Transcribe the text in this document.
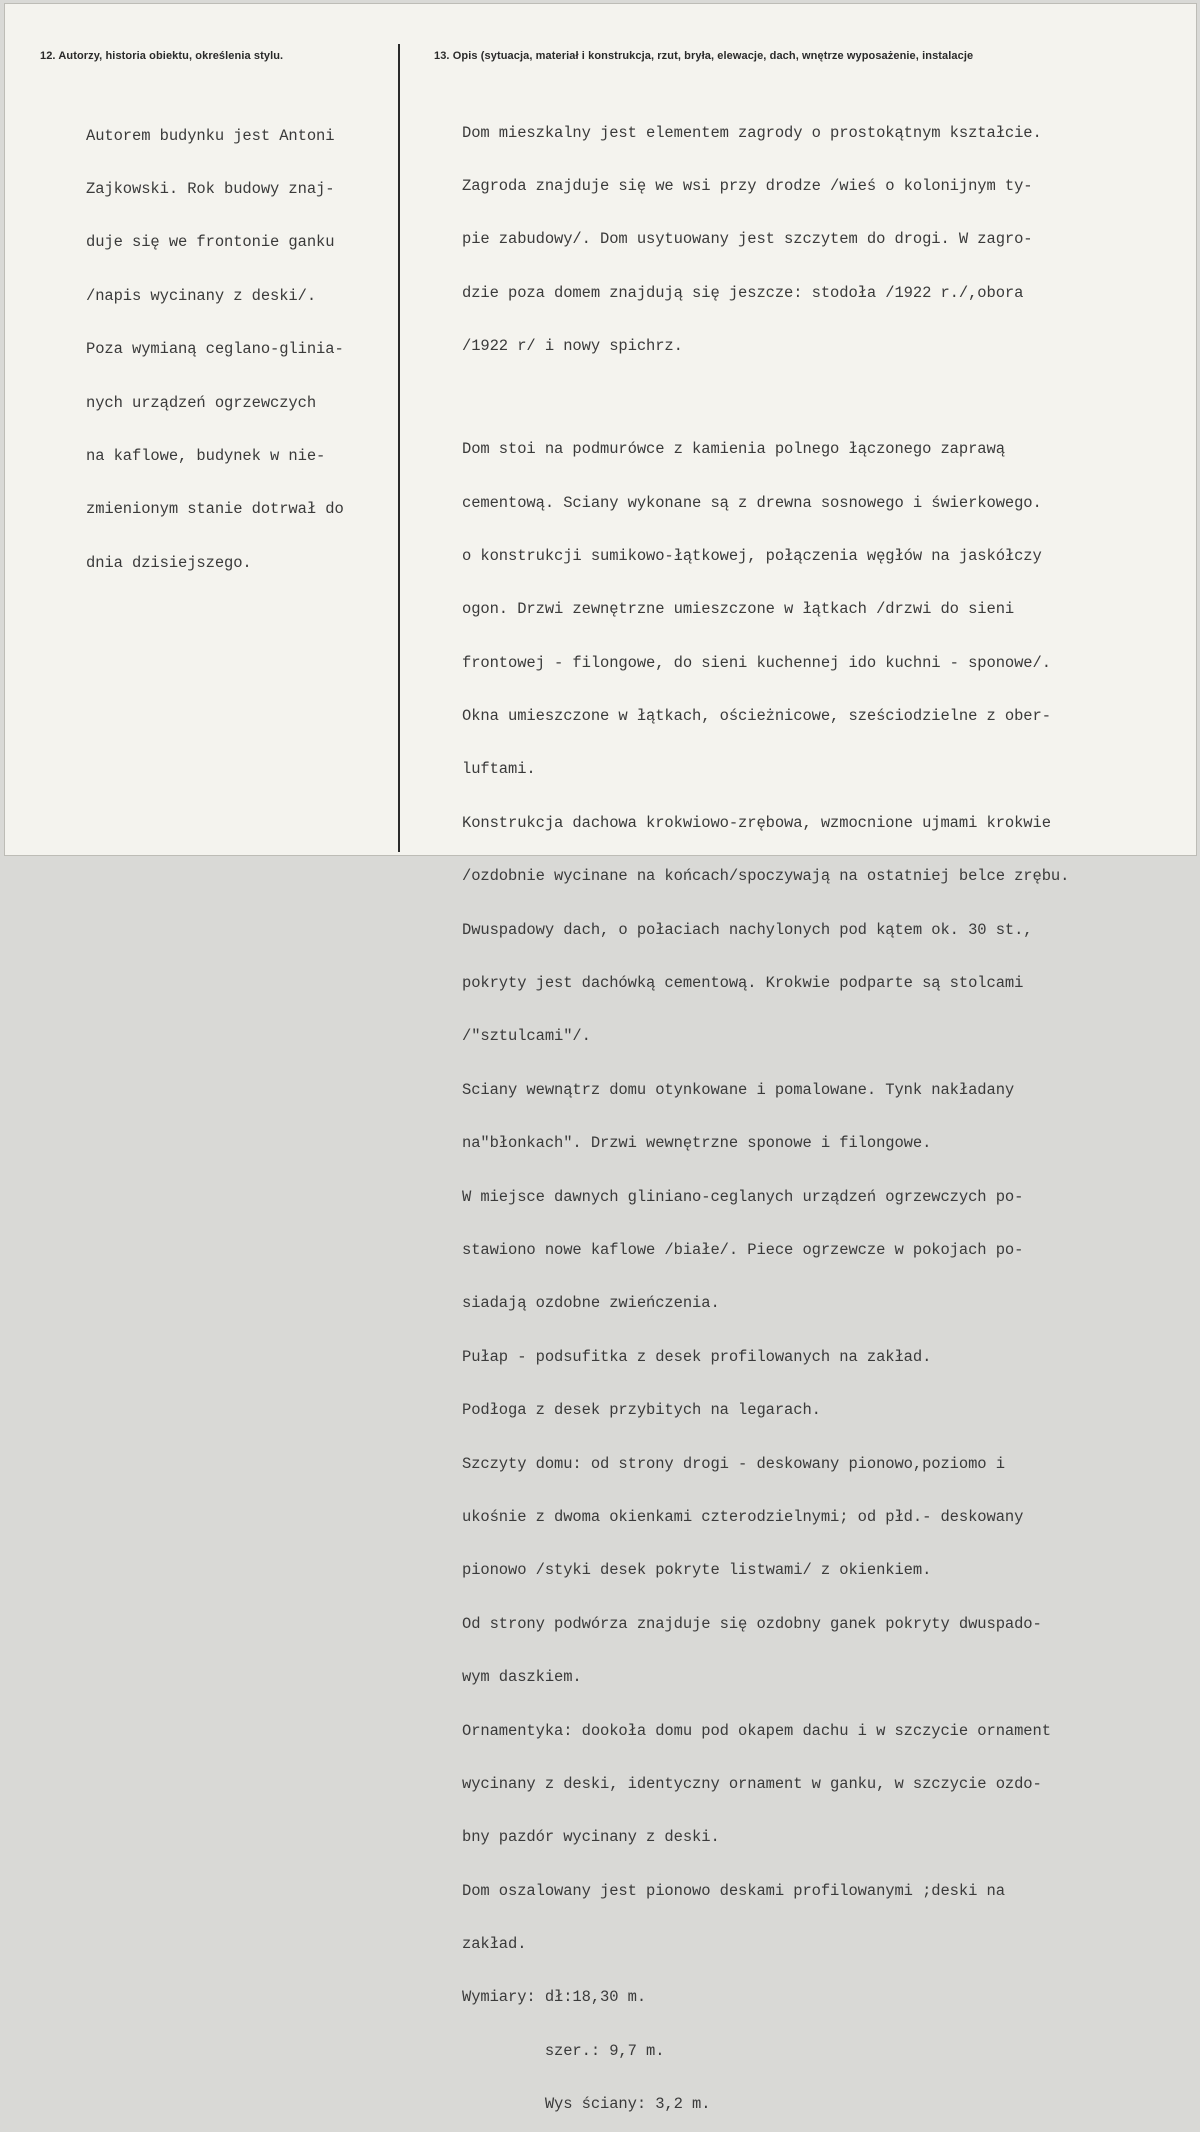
12. Autorzy, historia obiektu, określenia stylu.	13. Opis (sytuacja, materiał i konstrukcja, rzut, bryła, elewacje, dach, wnętrze wyposażenie, instalacje

Autorem budynku jest Antoni

Zajkowski. Rok budowy znaj-

duje się we frontonie ganku

/napis wycinany z deski/.

Poza wymianą ceglano-glinia-

nych urządzeń ogrzewczych

na kaflowe, budynek w nie-

zmienionym stanie dotrwał do

dnia dzisiejszego.

Dom mieszkalny jest elementem zagrody o prostokątnym kształcie.

Zagroda znajduje się we wsi przy drodze /wieś o kolonijnym ty-

pie zabudowy/. Dom usytuowany jest szczytem do drogi. W zagro-

dzie poza domem znajdują się jeszcze: stodoła /1922 r./,obora

/1922 r/ i nowy spichrz.

Dom stoi na podmurówce z kamienia polnego łączonego zaprawą

cementową. Sciany wykonane są z drewna sosnowego i świerkowego.

o konstrukcji sumikowo-łątkowej, połączenia węgłów na jaskółczy

ogon. Drzwi zewnętrzne umieszczone w łątkach /drzwi do sieni

frontowej - filongowe, do sieni kuchennej ido kuchni - sponowe/.

Okna umieszczone w łątkach, ościeżnicowe, sześciodzielne z ober-

luftami.

Konstrukcja dachowa krokwiowo-zrębowa, wzmocnione ujmami krokwie

/ozdobnie wycinane na końcach/spoczywają na ostatniej belce zrębu.

Dwuspadowy dach, o połaciach nachylonych pod kątem ok. 30 st.,

pokryty jest dachówką cementową. Krokwie podparte są stolcami

/"sztulcami"/.

Sciany wewnątrz domu otynkowane i pomalowane. Tynk nakładany

na"błonkach". Drzwi wewnętrzne sponowe i filongowe.

W miejsce dawnych gliniano-ceglanych urządzeń ogrzewczych po-

stawiono nowe kaflowe /białe/. Piece ogrzewcze w pokojach po-

siadają ozdobne zwieńczenia.

Pułap - podsufitka z desek profilowanych na zakład.

Podłoga z desek przybitych na legarach.

Szczyty domu: od strony drogi - deskowany pionowo,poziomo i

ukośnie z dwoma okienkami czterodzielnymi; od płd.- deskowany

pionowo /styki desek pokryte listwami/ z okienkiem.

Od strony podwórza znajduje się ozdobny ganek pokryty dwuspado-

wym daszkiem.

Ornamentyka: dookoła domu pod okapem dachu i w szczycie ornament

wycinany z deski, identyczny ornament w ganku, w szczycie ozdo-

bny pazdór wycinany z deski.

Dom oszalowany jest pionowo deskami profilowanymi ;deski na

zakład.

Wymiary: dł:18,30 m.

szer.: 9,7 m.

Wys ściany: 3,2 m.
